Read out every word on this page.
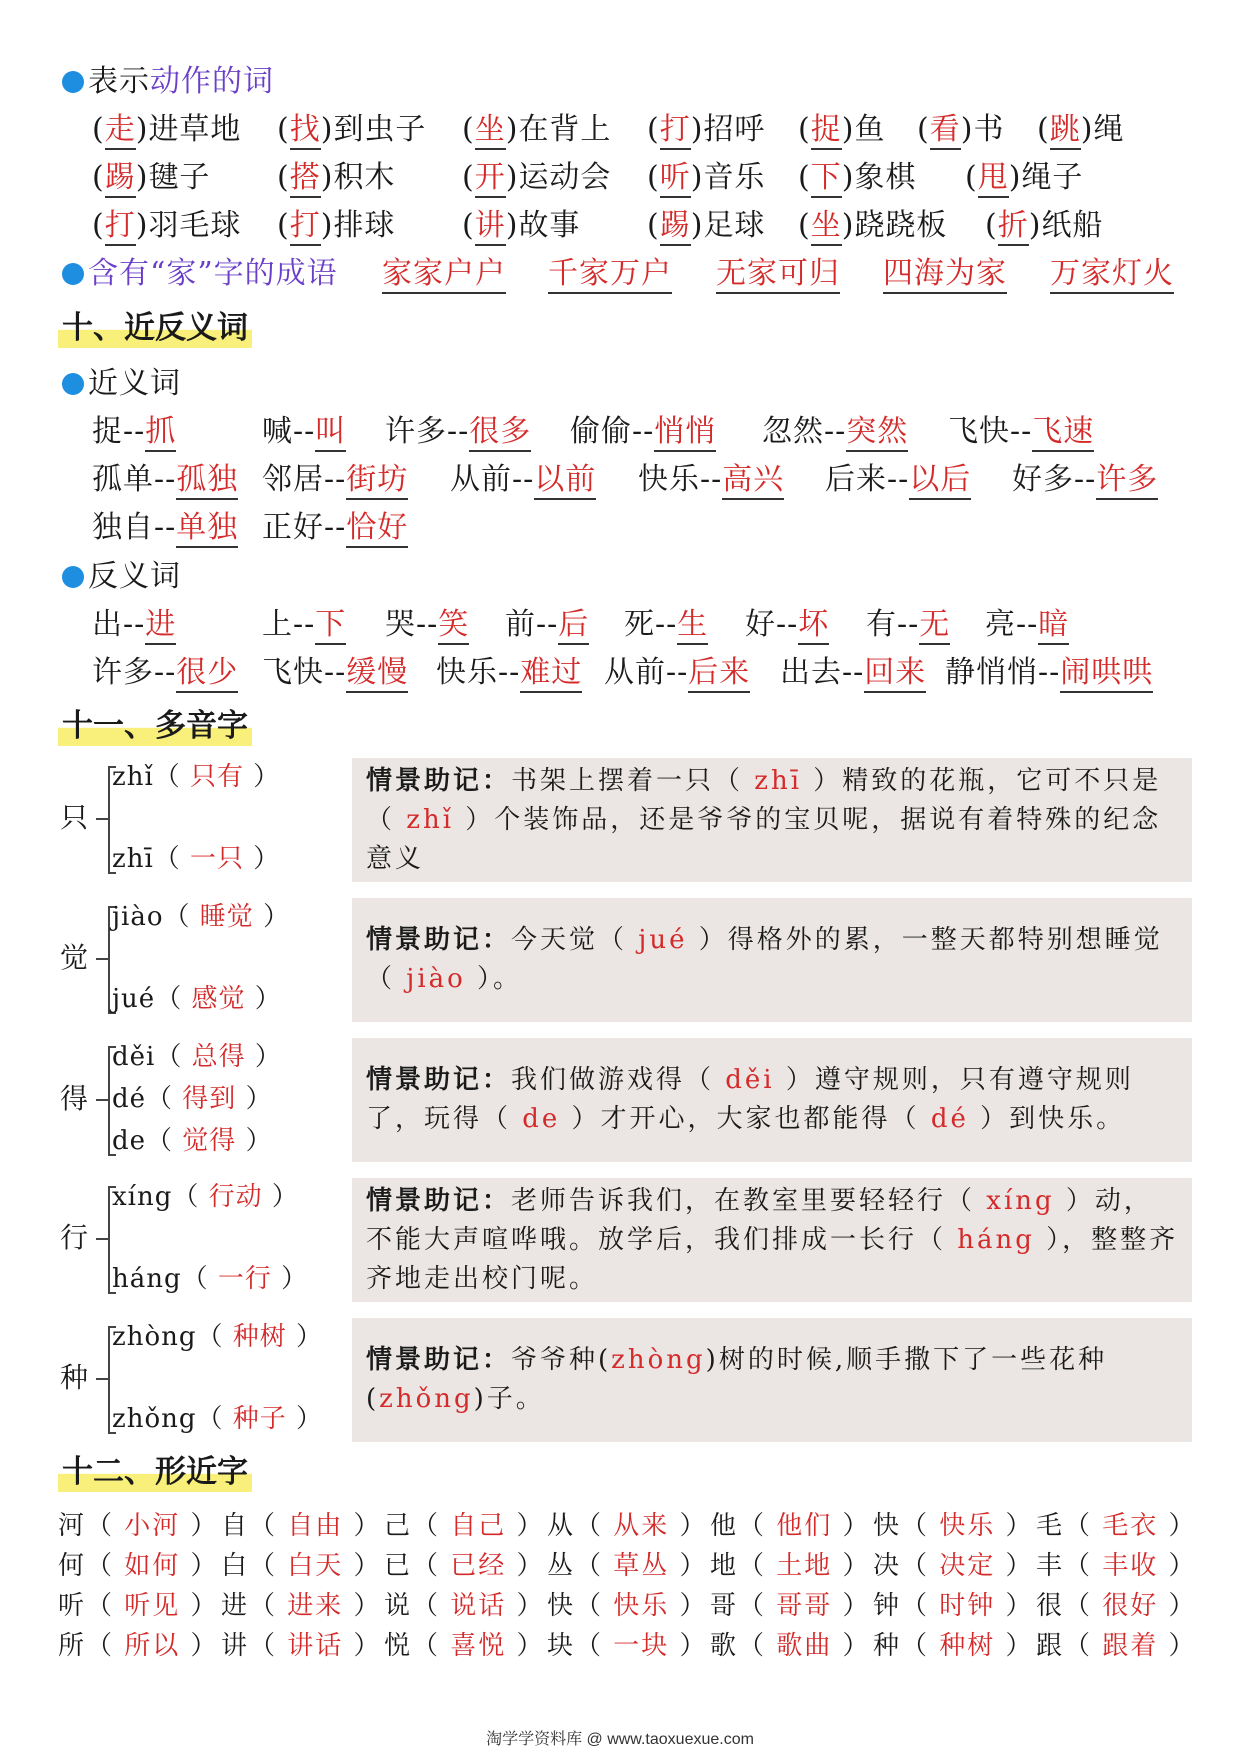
表示动作的词
(走)进草地 (找)到虫子 (坐)在背上 (打)招呼 (捉)鱼 (看)书 (跳)绳
(踢)毽子 (搭)积木 (开)运动会 (听)音乐 (下)象棋 (甩)绳子
(打)羽毛球 (打)排球 (讲)故事 (踢)足球 (坐)跷跷板 (折)纸船
含有“家”字的成语 家家户户 千家万户 无家可归 四海为家 万家灯火
十、近反义词
近义词
捉--抓	喊--叫 许多--很多 偷偷--悄悄 忽然--突然 飞快--飞速
孤单--孤独 邻居--街坊 从前--以前 快乐--高兴 后来--以后 好多--许多
独自--单独 正好--恰好
反义词
出--进	上--下 哭--笑 前--后 死--生 好--坏 有--无 亮--暗
许多--很少 飞快--缓慢 快乐--难过 从前--后来 出去--回来 静悄悄--闹哄哄
十一、多音字
只
zhǐ（ 只有 ）
zhī（ 一只 ）
情景助记：书架上摆着一只（ zhī ）精致的花瓶，它可不只是（ zhǐ ）个装饰品，还是爷爷的宝贝呢，据说有着特殊的纪念意义
觉
jiào（ 睡觉 ）
jué（ 感觉 ）
情景助记：今天觉（ jué ）得格外的累，一整天都特别想睡觉（ jiào ）。
得
děi（ 总得 ）
dé（ 得到 ）
de（ 觉得 ）
情景助记：我们做游戏得（ děi ）遵守规则，只有遵守规则了，玩得（ de ）才开心，大家也都能得（ dé ）到快乐。
行
xíng（ 行动 ）
háng（ 一行 ）
情景助记：老师告诉我们，在教室里要轻轻行（ xíng ）动，不能大声喧哗哦。放学后，我们排成一长行（ háng ），整整齐齐地走出校门呢。
种
zhòng（ 种树 ）
zhǒng（ 种子 ）
情景助记：爷爷种(zhòng)树的时候,顺手撒下了一些花种(zhǒng)子。
十二、形近字
河（ 小河 ） 自（ 自由 ） 己（ 自己 ） 从（ 从来 ） 他（ 他们 ） 快（ 快乐 ） 毛（ 毛衣 ）
何（ 如何 ） 白（ 白天 ） 已（ 已经 ） 丛（ 草丛 ） 地（ 土地 ） 决（ 决定 ） 丰（ 丰收 ）
听（ 听见 ） 进（ 进来 ） 说（ 说话 ） 快（ 快乐 ） 哥（ 哥哥 ） 钟（ 时钟 ） 很（ 很好 ）
所（ 所以 ） 讲（ 讲话 ） 悦（ 喜悦 ） 块（ 一块 ） 歌（ 歌曲 ） 种（ 种树 ） 跟（ 跟着 ）
淘学学资料库 @ www.taoxuexue.com
